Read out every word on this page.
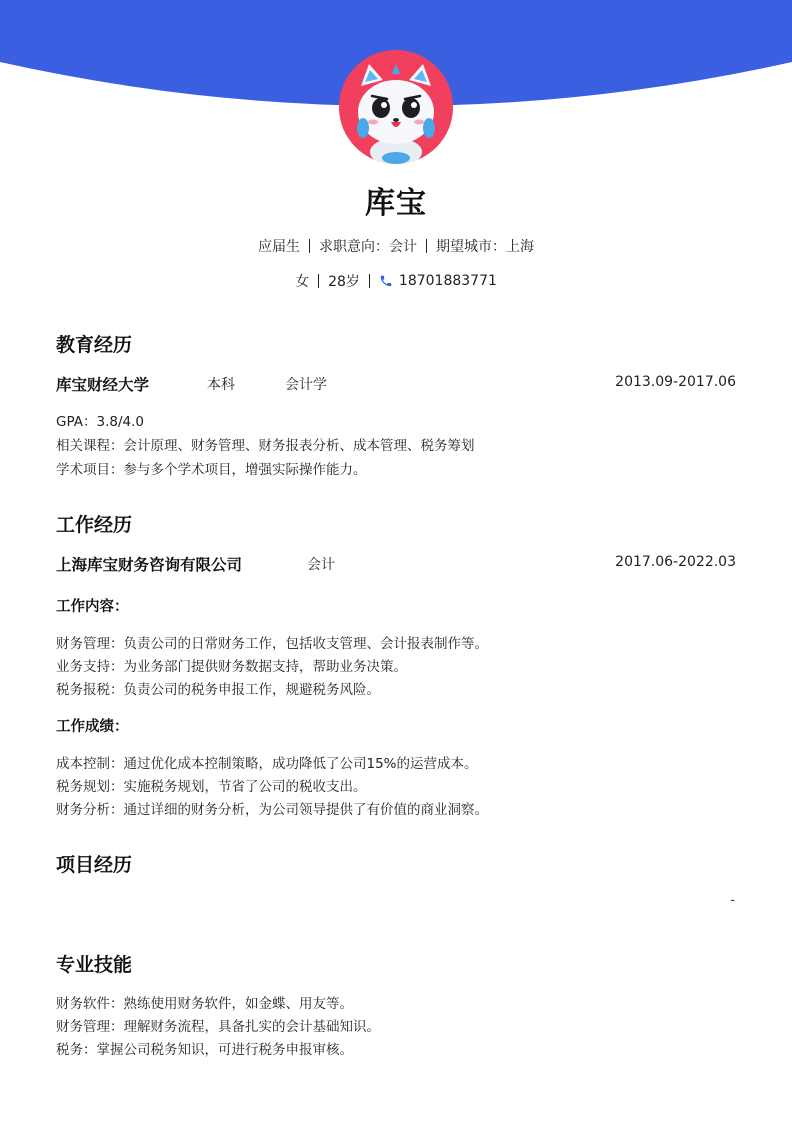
库宝
应届生 求职意向：会计 期望城市：上海
女 28岁	18701883771
教育经历
库宝财经大学	本科	会计学	2013.09-2017.06
GPA：3.8/4.0
相关课程：会计原理、财务管理、财务报表分析、成本管理、税务筹划
学术项目：参与多个学术项目，增强实际操作能力。
工作经历
上海库宝财务咨询有限公司	会计	2017.06-2022.03
工作内容：
财务管理：负责公司的日常财务工作，包括收支管理、会计报表制作等。
业务支持：为业务部门提供财务数据支持，帮助业务决策。
税务报税：负责公司的税务申报工作，规避税务风险。
工作成绩：
成本控制：通过优化成本控制策略，成功降低了公司15%的运营成本。
税务规划：实施税务规划，节省了公司的税收支出。
财务分析：通过详细的财务分析，为公司领导提供了有价值的商业洞察。
项目经历
-
专业技能
财务软件：熟练使用财务软件，如金蝶、用友等。
财务管理：理解财务流程，具备扎实的会计基础知识。
税务：掌握公司税务知识，可进行税务申报审核。
